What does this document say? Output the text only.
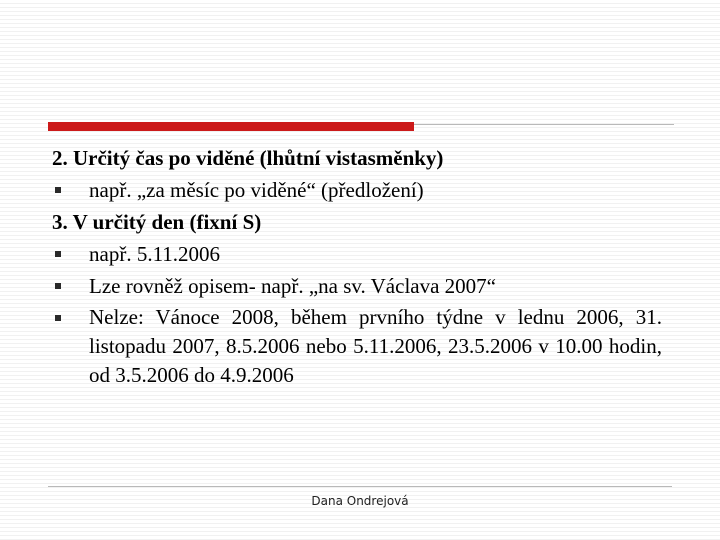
2. Určitý čas po viděné (lhůtní vistasměnky)
např. „za měsíc po viděné“ (předložení)
3. V určitý den (fixní S)
např. 5.11.2006
Lze rovněž opisem- např. „na sv. Václava 2007“
Nelze: Vánoce 2008, během prvního týdne v lednu 2006, 31. listopadu 2007, 8.5.2006 nebo 5.11.2006, 23.5.2006 v 10.00 hodin, od 3.5.2006 do 4.9.2006
Dana Ondrejová
